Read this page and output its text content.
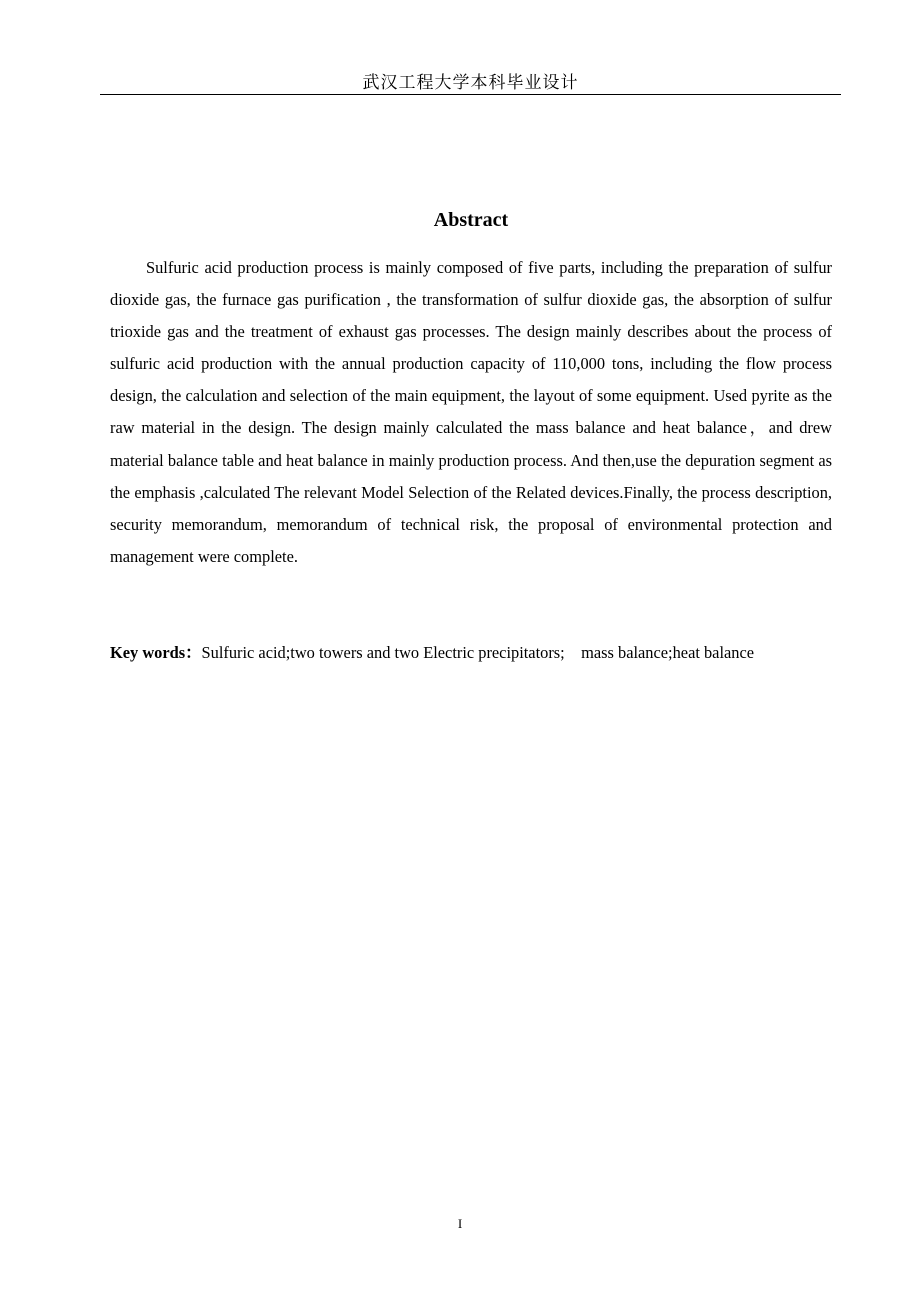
武汉工程大学本科毕业设计
Abstract

Sulfuric acid production process is mainly composed of five parts, including the preparation of sulfur dioxide gas, the furnace gas purification , the transformation of sulfur dioxide gas, the absorption of sulfur trioxide gas and the treatment of exhaust gas processes. The design mainly describes about the process of sulfuric acid production with the annual production capacity of 110,000 tons, including the flow process design, the calculation and selection of the main equipment, the layout of some equipment. Used pyrite as the raw material in the design. The design mainly calculated the mass balance and heat balance，and drew material balance table and heat balance in mainly production process. And then,use the depuration segment as the emphasis ,calculated The relevant Model Selection of the Related devices.Finally, the process description, security memorandum, memorandum of technical risk, the proposal of environmental protection and management were complete.

Key words：Sulfuric acid;two towers and two Electric precipitators;    mass balance;heat balance
I
